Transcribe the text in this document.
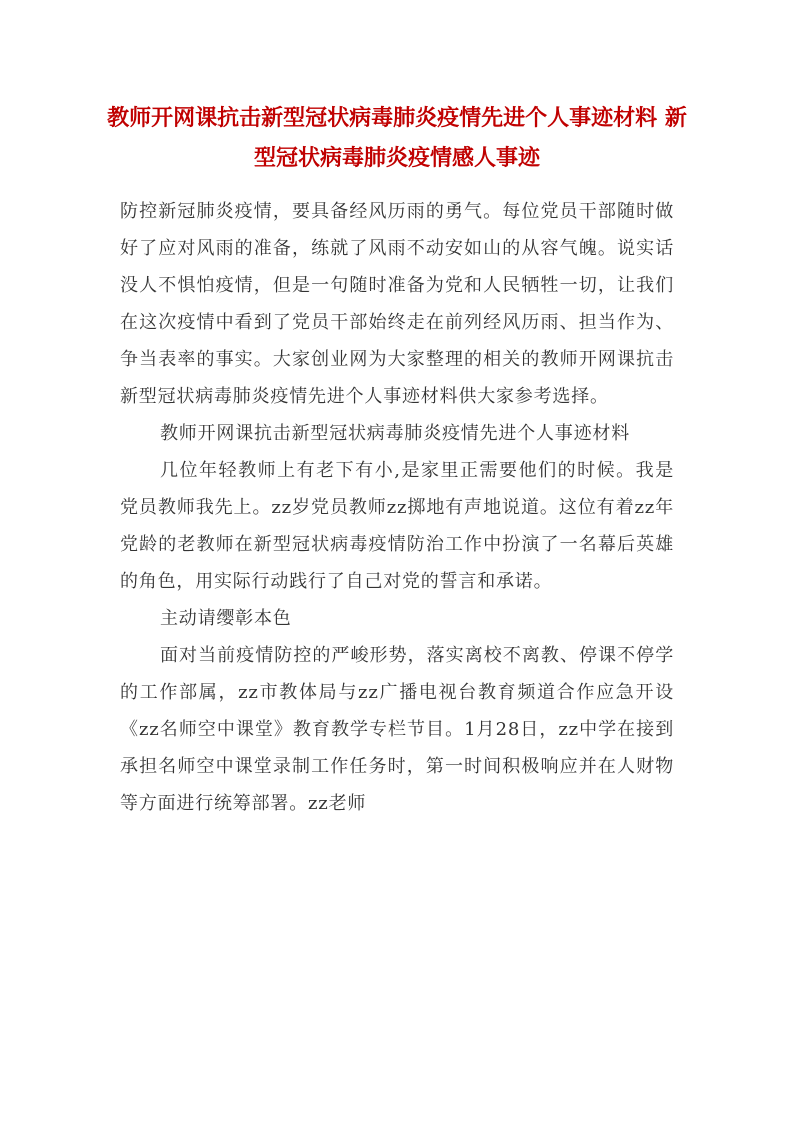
教师开网课抗击新型冠状病毒肺炎疫情先进个人事迹材料 新型冠状病毒肺炎疫情感人事迹

防控新冠肺炎疫情，要具备经风历雨的勇气。每位党员干部随时做好了应对风雨的准备，练就了风雨不动安如山的从容气魄。说实话没人不惧怕疫情，但是一句随时准备为党和人民牺牲一切，让我们在这次疫情中看到了党员干部始终走在前列经风历雨、担当作为、争当表率的事实。大家创业网为大家整理的相关的教师开网课抗击新型冠状病毒肺炎疫情先进个人事迹材料供大家参考选择。

教师开网课抗击新型冠状病毒肺炎疫情先进个人事迹材料

几位年轻教师上有老下有小,是家里正需要他们的时候。我是党员教师我先上。zz岁党员教师zz掷地有声地说道。这位有着zz年党龄的老教师在新型冠状病毒疫情防治工作中扮演了一名幕后英雄的角色，用实际行动践行了自己对党的誓言和承诺。

主动请缨彰本色

面对当前疫情防控的严峻形势，落实离校不离教、停课不停学的工作部属，zz市教体局与zz广播电视台教育频道合作应急开设《zz名师空中课堂》教育教学专栏节目。1月28日，zz中学在接到承担名师空中课堂录制工作任务时，第一时间积极响应并在人财物等方面进行统筹部署。zz老师
